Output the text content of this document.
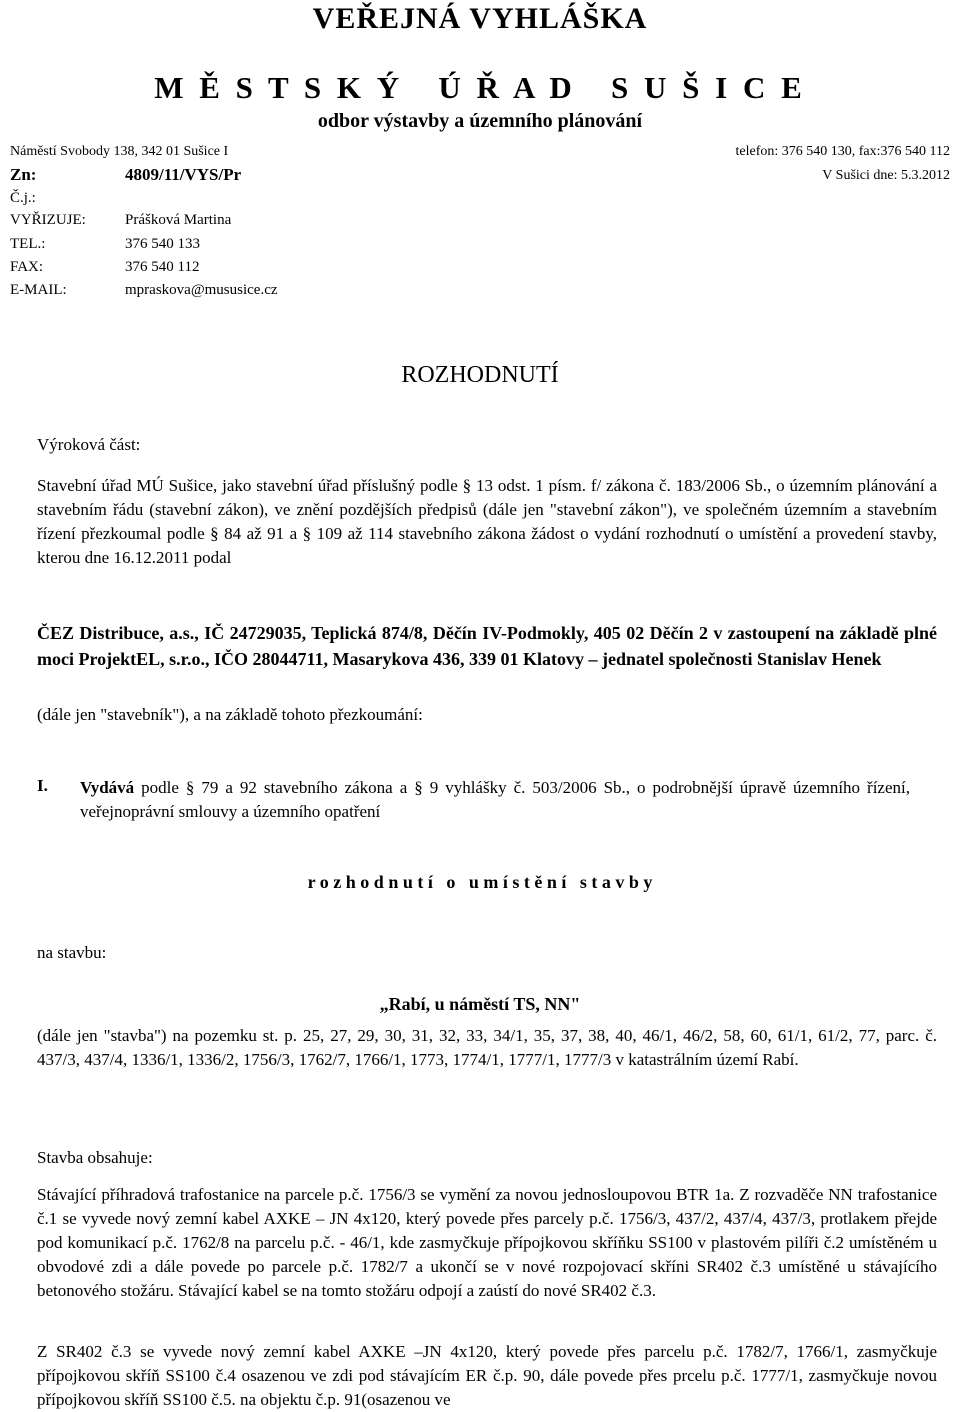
VEŘEJNÁ VYHLÁŠKA
M Ě S T S K Ý   Ú Ř A D   S U Š I C E
odbor výstavby a územního plánování
Náměstí Svobody 138, 342 01 Sušice I	telefon: 376 540 130, fax:376 540 112
Zn:	4809/11/VYS/Pr	V Sušici dne: 5.3.2012
Č.j.:
VYŘIZUJE:	Prášková Martina
TEL.:	376 540 133
FAX:	376 540 112
E-MAIL:	mpraskova@mususice.cz
ROZHODNUTÍ
Výroková část:
Stavební úřad MÚ Sušice, jako stavební úřad příslušný podle § 13 odst. 1 písm. f/ zákona č. 183/2006 Sb., o územním plánování a stavebním řádu (stavební zákon), ve znění pozdějších předpisů (dále jen "stavební zákon"), ve společném územním a stavebním řízení přezkoumal podle § 84 až 91 a § 109 až 114 stavebního zákona žádost o vydání rozhodnutí o umístění a provedení stavby, kterou dne 16.12.2011 podal
ČEZ Distribuce, a.s., IČ 24729035, Teplická 874/8, Děčín IV-Podmokly, 405 02 Děčín 2 v zastoupení na základě plné moci ProjektEL, s.r.o., IČO 28044711, Masarykova 436, 339 01 Klatovy – jednatel společnosti Stanislav Henek
(dále jen "stavebník"), a na základě tohoto přezkoumání:
I. Vydává podle § 79 a 92 stavebního zákona a § 9 vyhlášky č. 503/2006 Sb., o podrobnější úpravě územního řízení, veřejnoprávní smlouvy a územního opatření
r o z h o d n u t í   o   u m í s t ě n í   s t a v b y
na stavbu:
„Rabí, u náměstí TS, NN"
(dále jen "stavba") na pozemku st. p. 25, 27, 29, 30, 31, 32, 33, 34/1, 35, 37, 38, 40, 46/1, 46/2, 58, 60, 61/1, 61/2, 77, parc. č. 437/3, 437/4, 1336/1, 1336/2, 1756/3, 1762/7, 1766/1, 1773, 1774/1, 1777/1, 1777/3 v katastrálním území Rabí.
Stavba obsahuje:
Stávající příhradová trafostanice na parcele p.č. 1756/3 se vymění za novou jednosloupovou BTR 1a. Z rozvaděče NN trafostanice č.1 se vyvede nový zemní kabel AXKE – JN 4x120, který povede přes parcely p.č. 1756/3, 437/2, 437/4, 437/3, protlakem přejde pod komunikací p.č. 1762/8 na parcelu p.č. - 46/1, kde zasmyčkuje přípojkovou skříňku SS100 v plastovém pilíři č.2 umístěném u obvodové zdi a dále povede po parcele p.č. 1782/7 a ukončí se v nové rozpojovací skříni SR402 č.3 umístěné u stávajícího betonového stožáru. Stávající kabel se na tomto stožáru odpojí a zaústí do nové SR402 č.3.
Z SR402 č.3 se vyvede nový zemní kabel AXKE –JN 4x120, který povede přes parcelu p.č. 1782/7, 1766/1, zasmyčkuje přípojkovou skříň SS100 č.4 osazenou ve zdi pod stávajícím ER č.p. 90, dále povede přes prcelu p.č. 1777/1, zasmyčkuje novou přípojkovou skříň SS100 č.5. na objektu č.p. 91(osazenou ve
